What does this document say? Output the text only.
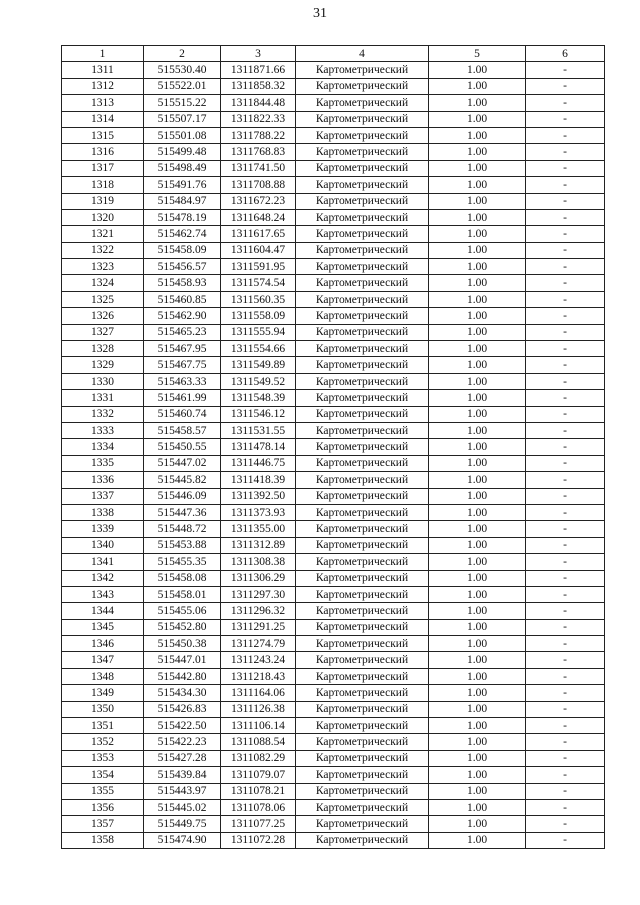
31
1	2	3	4	5	6
1311	515530.40	1311871.66	Картометрический	1.00	-
1312	515522.01	1311858.32	Картометрический	1.00	-
1313	515515.22	1311844.48	Картометрический	1.00	-
1314	515507.17	1311822.33	Картометрический	1.00	-
1315	515501.08	1311788.22	Картометрический	1.00	-
1316	515499.48	1311768.83	Картометрический	1.00	-
1317	515498.49	1311741.50	Картометрический	1.00	-
1318	515491.76	1311708.88	Картометрический	1.00	-
1319	515484.97	1311672.23	Картометрический	1.00	-
1320	515478.19	1311648.24	Картометрический	1.00	-
1321	515462.74	1311617.65	Картометрический	1.00	-
1322	515458.09	1311604.47	Картометрический	1.00	-
1323	515456.57	1311591.95	Картометрический	1.00	-
1324	515458.93	1311574.54	Картометрический	1.00	-
1325	515460.85	1311560.35	Картометрический	1.00	-
1326	515462.90	1311558.09	Картометрический	1.00	-
1327	515465.23	1311555.94	Картометрический	1.00	-
1328	515467.95	1311554.66	Картометрический	1.00	-
1329	515467.75	1311549.89	Картометрический	1.00	-
1330	515463.33	1311549.52	Картометрический	1.00	-
1331	515461.99	1311548.39	Картометрический	1.00	-
1332	515460.74	1311546.12	Картометрический	1.00	-
1333	515458.57	1311531.55	Картометрический	1.00	-
1334	515450.55	1311478.14	Картометрический	1.00	-
1335	515447.02	1311446.75	Картометрический	1.00	-
1336	515445.82	1311418.39	Картометрический	1.00	-
1337	515446.09	1311392.50	Картометрический	1.00	-
1338	515447.36	1311373.93	Картометрический	1.00	-
1339	515448.72	1311355.00	Картометрический	1.00	-
1340	515453.88	1311312.89	Картометрический	1.00	-
1341	515455.35	1311308.38	Картометрический	1.00	-
1342	515458.08	1311306.29	Картометрический	1.00	-
1343	515458.01	1311297.30	Картометрический	1.00	-
1344	515455.06	1311296.32	Картометрический	1.00	-
1345	515452.80	1311291.25	Картометрический	1.00	-
1346	515450.38	1311274.79	Картометрический	1.00	-
1347	515447.01	1311243.24	Картометрический	1.00	-
1348	515442.80	1311218.43	Картометрический	1.00	-
1349	515434.30	1311164.06	Картометрический	1.00	-
1350	515426.83	1311126.38	Картометрический	1.00	-
1351	515422.50	1311106.14	Картометрический	1.00	-
1352	515422.23	1311088.54	Картометрический	1.00	-
1353	515427.28	1311082.29	Картометрический	1.00	-
1354	515439.84	1311079.07	Картометрический	1.00	-
1355	515443.97	1311078.21	Картометрический	1.00	-
1356	515445.02	1311078.06	Картометрический	1.00	-
1357	515449.75	1311077.25	Картометрический	1.00	-
1358	515474.90	1311072.28	Картометрический	1.00	-
